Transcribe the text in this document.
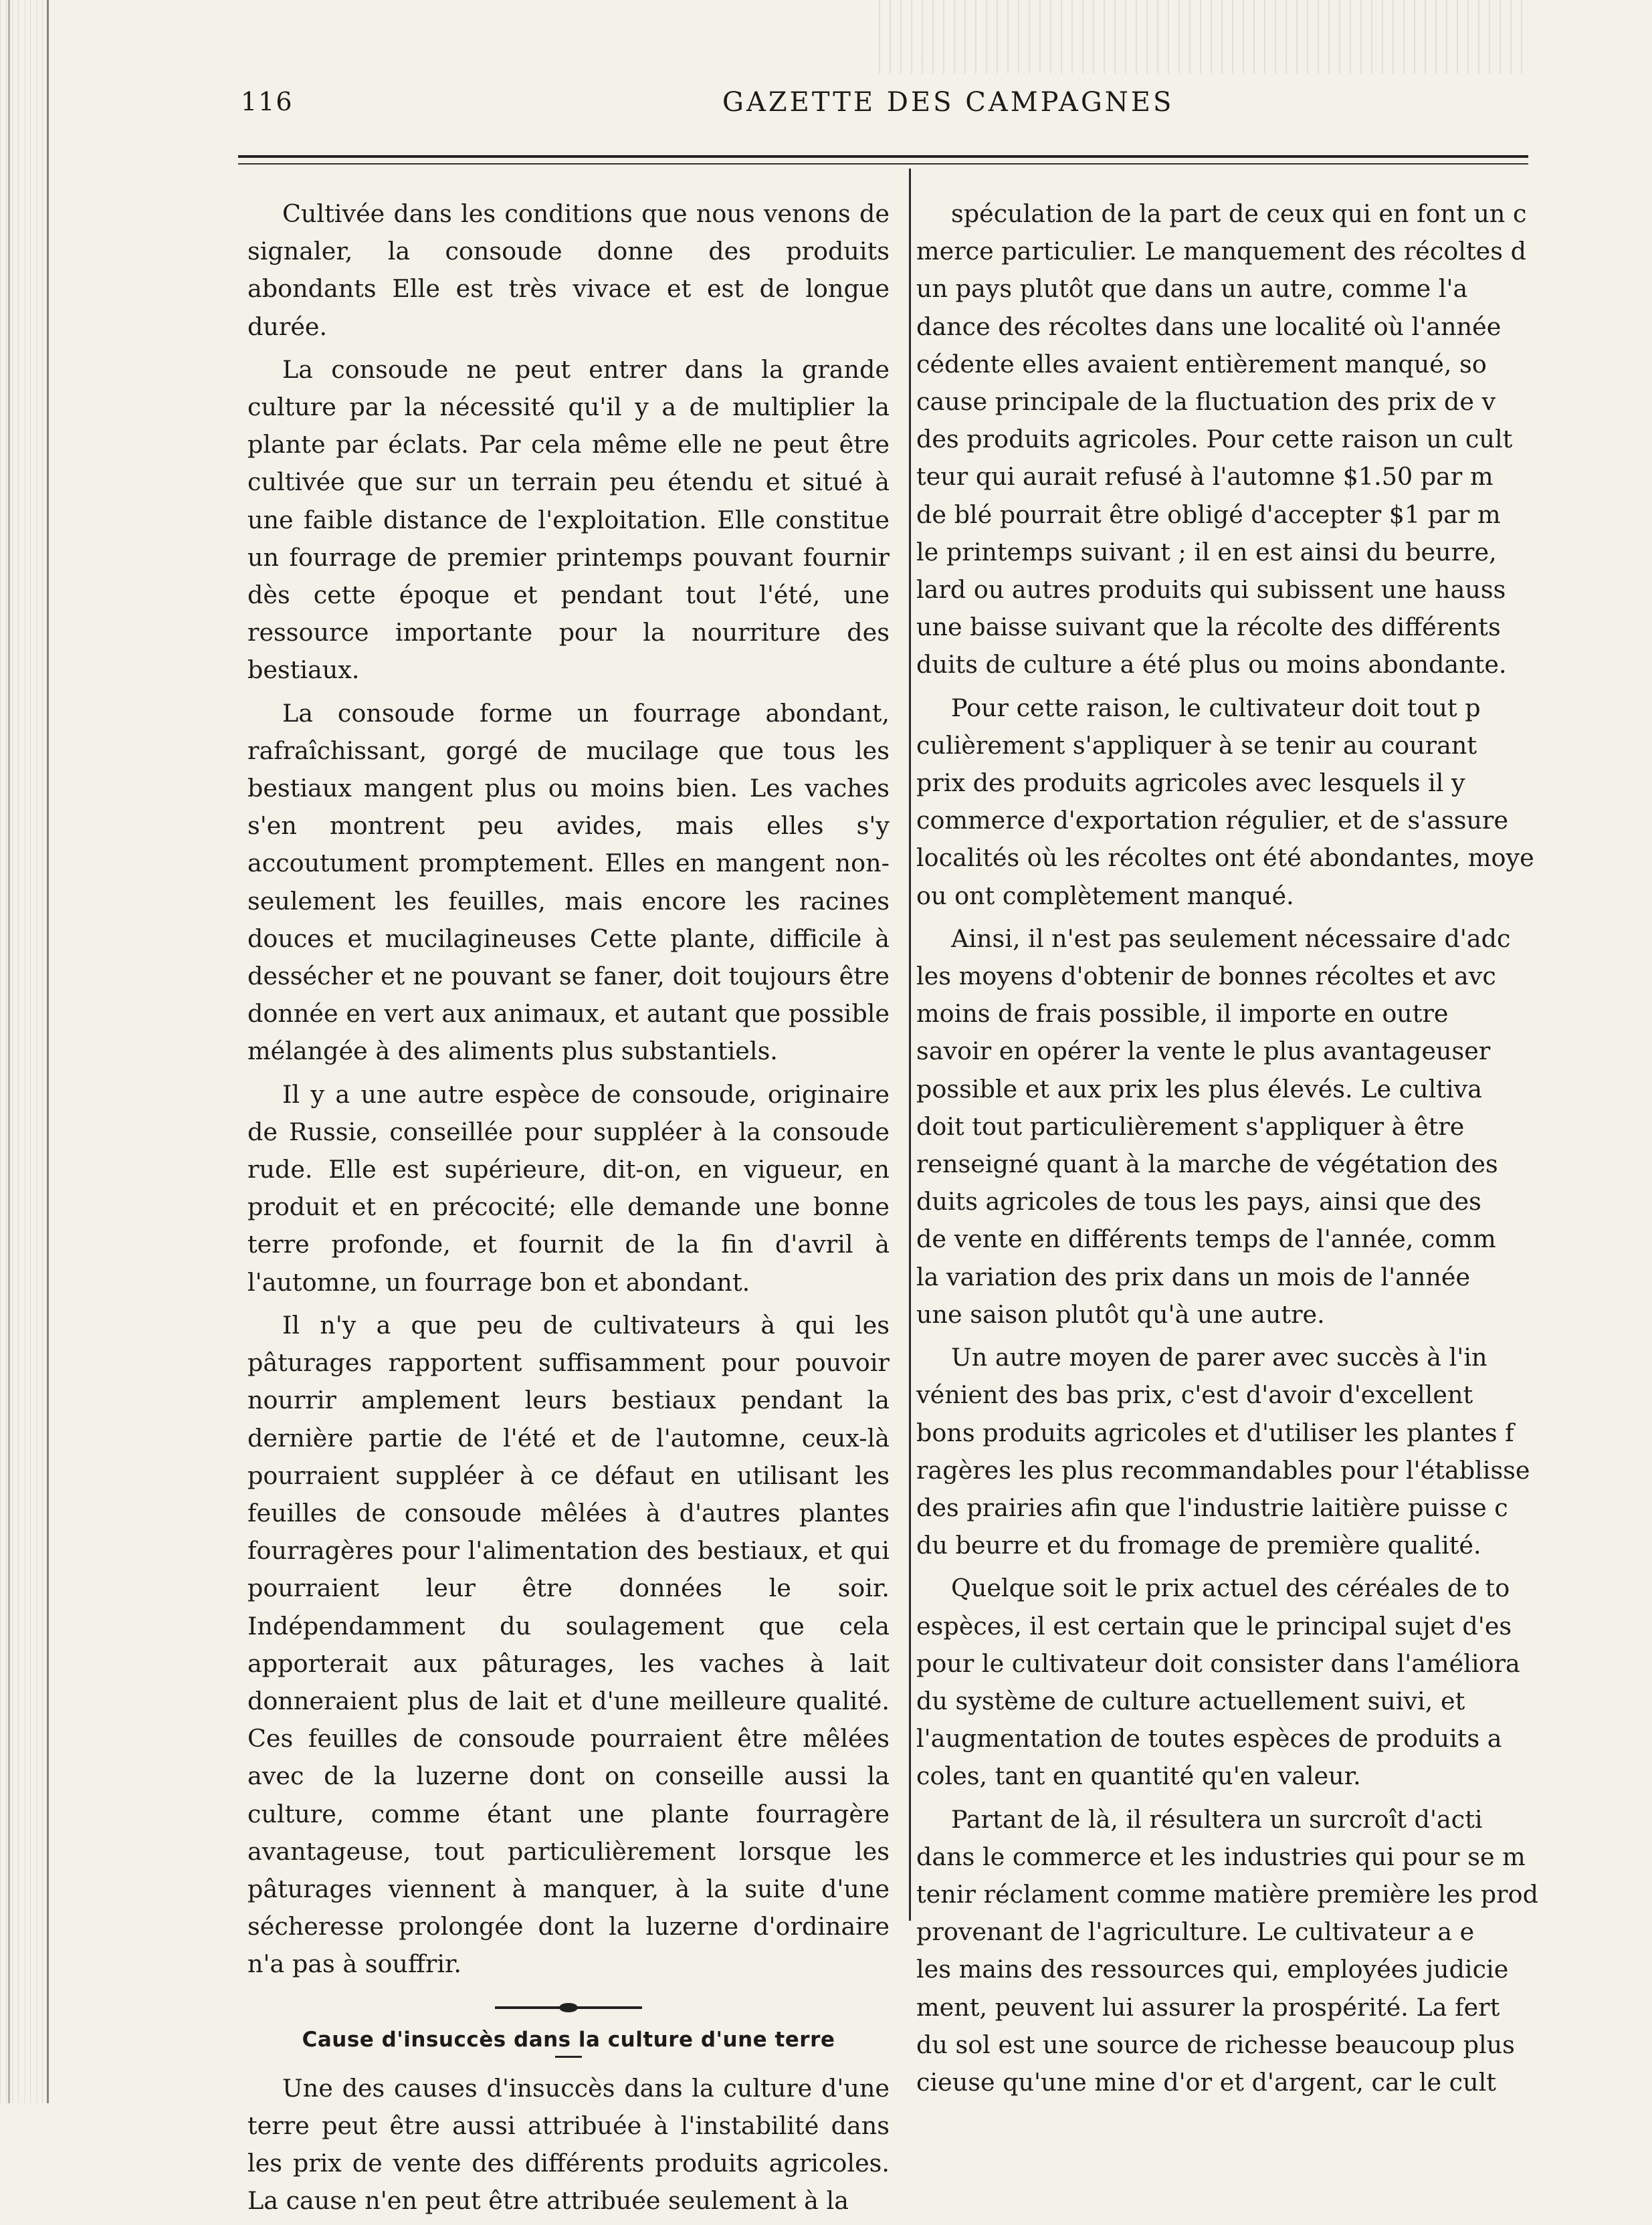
116	GAZETTE DES CAMPAGNES

Cultivée dans les conditions que nous venons de signaler, la consoude donne des produits abondants Elle est très vivace et est de longue durée.

La consoude ne peut entrer dans la grande culture par la nécessité qu'il y a de multiplier la plante par éclats. Par cela même elle ne peut être cultivée que sur un terrain peu étendu et situé à une faible distance de l'exploitation. Elle constitue un fourrage de premier printemps pouvant fournir dès cette époque et pendant tout l'été, une ressource importante pour la nourriture des bestiaux.

La consoude forme un fourrage abondant, rafraîchissant, gorgé de mucilage que tous les bestiaux mangent plus ou moins bien. Les vaches s'en montrent peu avides, mais elles s'y accoutument promptement. Elles en mangent non-seulement les feuilles, mais encore les racines douces et mucilagineuses Cette plante, difficile à dessécher et ne pouvant se faner, doit toujours être donnée en vert aux animaux, et autant que possible mélangée à des aliments plus substantiels.

Il y a une autre espèce de consoude, originaire de Russie, conseillée pour suppléer à la consoude rude. Elle est supérieure, dit-on, en vigueur, en produit et en précocité; elle demande une bonne terre profonde, et fournit de la fin d'avril à l'automne, un fourrage bon et abondant.

Il n'y a que peu de cultivateurs à qui les pâturages rapportent suffisamment pour pouvoir nourrir amplement leurs bestiaux pendant la dernière partie de l'été et de l'automne, ceux-là pourraient suppléer à ce défaut en utilisant les feuilles de consoude mêlées à d'autres plantes fourragères pour l'alimentation des bestiaux, et qui pourraient leur être données le soir. Indépendamment du soulagement que cela apporterait aux pâturages, les vaches à lait donneraient plus de lait et d'une meilleure qualité. Ces feuilles de consoude pourraient être mêlées avec de la luzerne dont on conseille aussi la culture, comme étant une plante fourragère avantageuse, tout particulièrement lorsque les pâturages viennent à manquer, à la suite d'une sécheresse prolongée dont la luzerne d'ordinaire n'a pas à souffrir.

Cause d'insuccès dans la culture d'une terre

Une des causes d'insuccès dans la culture d'une terre peut être aussi attribuée à l'instabilité dans les prix de vente des différents produits agricoles. La cause n'en peut être attribuée seulement à la

spéculation de la part de ceux qui en font un c
merce particulier. Le manquement des récoltes d
un pays plutôt que dans un autre, comme l'a
dance des récoltes dans une localité où l'année
cédente elles avaient entièrement manqué, so
cause principale de la fluctuation des prix de v
des produits agricoles. Pour cette raison un cult
teur qui aurait refusé à l'automne $1.50 par m
de blé pourrait être obligé d'accepter $1 par m
le printemps suivant ; il en est ainsi du beurre,
lard ou autres produits qui subissent une hauss
une baisse suivant que la récolte des différents
duits de culture a été plus ou moins abondante.

Pour cette raison, le cultivateur doit tout p
culièrement s'appliquer à se tenir au courant
prix des produits agricoles avec lesquels il y
commerce d'exportation régulier, et de s'assure
localités où les récoltes ont été abondantes, moye
ou ont complètement manqué.

Ainsi, il n'est pas seulement nécessaire d'adc
les moyens d'obtenir de bonnes récoltes et avc
moins de frais possible, il importe en outre
savoir en opérer la vente le plus avantageuser
possible et aux prix les plus élevés. Le cultiva
doit tout particulièrement s'appliquer à être
renseigné quant à la marche de végétation des
duits agricoles de tous les pays, ainsi que des
de vente en différents temps de l'année, comm
la variation des prix dans un mois de l'année
une saison plutôt qu'à une autre.

Un autre moyen de parer avec succès à l'in
vénient des bas prix, c'est d'avoir d'excellent
bons produits agricoles et d'utiliser les plantes f
ragères les plus recommandables pour l'établisse
des prairies afin que l'industrie laitière puisse c
du beurre et du fromage de première qualité.

Quelque soit le prix actuel des céréales de to
espèces, il est certain que le principal sujet d'es
pour le cultivateur doit consister dans l'améliora
du système de culture actuellement suivi, et
l'augmentation de toutes espèces de produits a
coles, tant en quantité qu'en valeur.

Partant de là, il résultera un surcroît d'acti
dans le commerce et les industries qui pour se m
tenir réclament comme matière première les prod
provenant de l'agriculture. Le cultivateur a e
les mains des ressources qui, employées judicie
ment, peuvent lui assurer la prospérité. La fert
du sol est une source de richesse beaucoup plus
cieuse qu'une mine d'or et d'argent, car le cult
